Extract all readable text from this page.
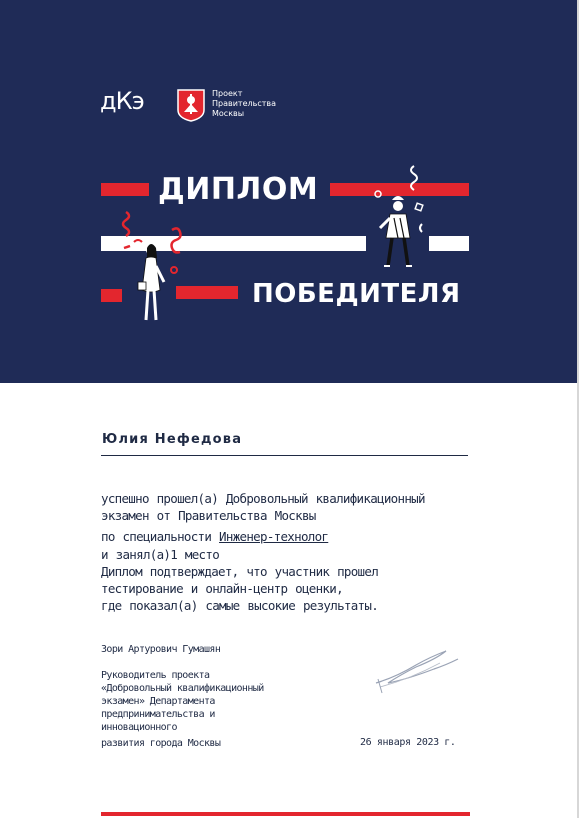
дКэ	Проект
Правительства
Москвы
ДИПЛОМ
ПОБЕДИТЕЛЯ
Юлия Нефедова
успешно прошел(а) Добровольный квалификационный
экзамен от Правительства Москвы
по специальности Инженер-технолог
и занял(а)1 место
Диплом подтверждает, что участник прошел
тестирование и онлайн-центр оценки,
где показал(а) самые высокие результаты.
Зори Артурович Гумашян
Руководитель проекта
«Добровольный квалификационный
экзамен» Департамента
предпринимательства и
инновационного
развития города Москвы	26 января 2023 г.
